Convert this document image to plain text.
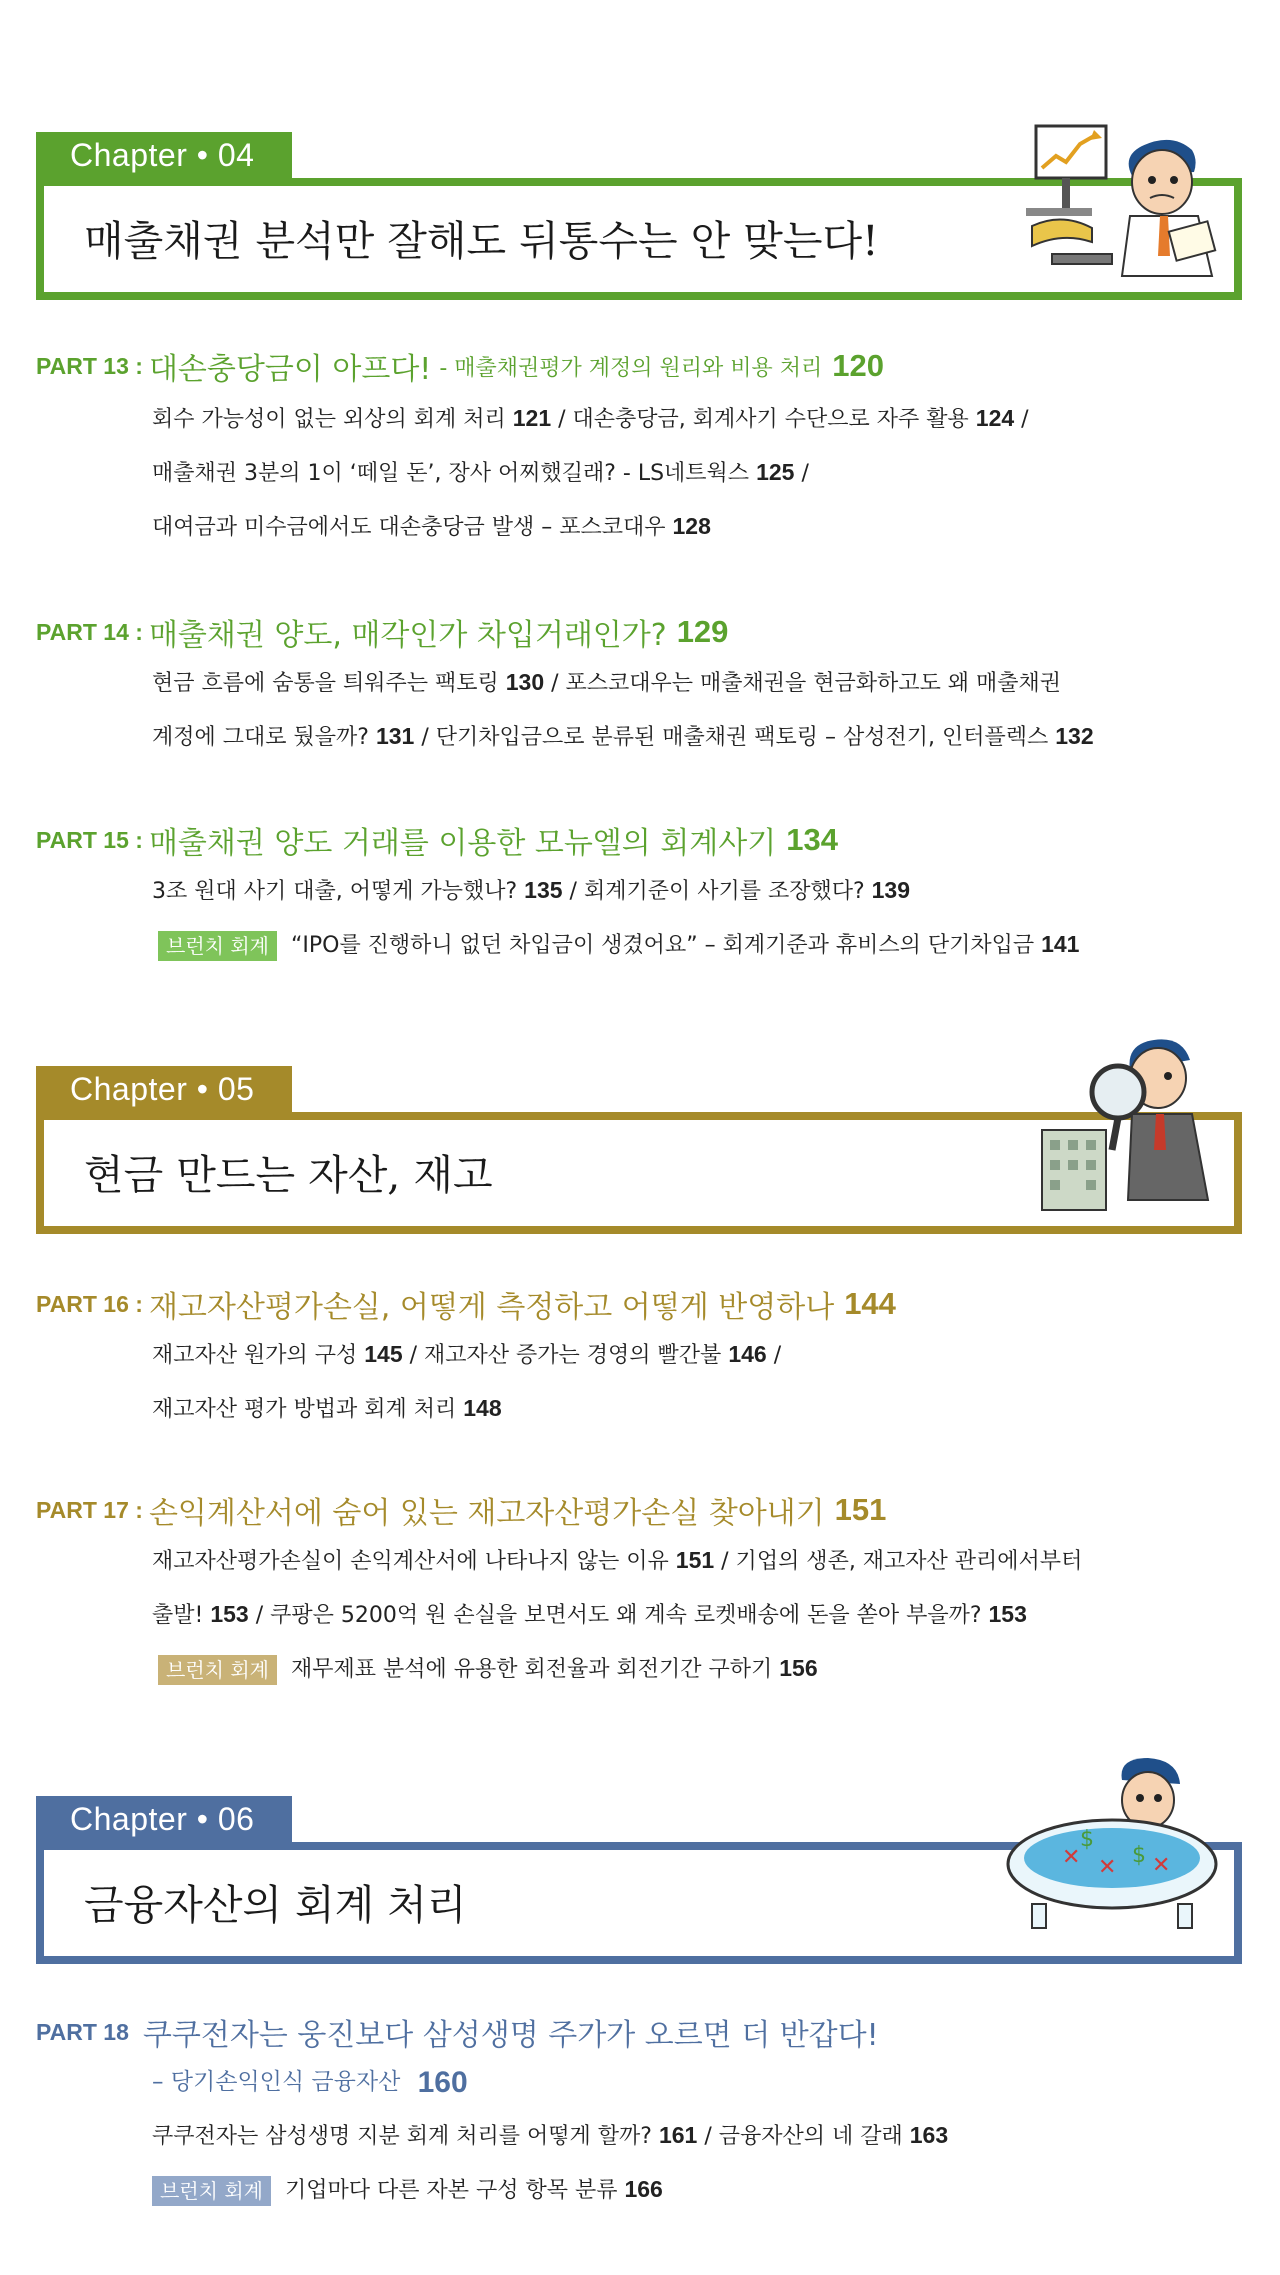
Chapter • 04
매출채권 분석만 잘해도 뒤통수는 안 맞는다!
PART 13 : 대손충당금이 아프다! - 매출채권평가 계정의 원리와 비용 처리 120
회수 가능성이 없는 외상의 회계 처리 121 / 대손충당금, 회계사기 수단으로 자주 활용 124 /
매출채권 3분의 1이 ‘떼일 돈’, 장사 어찌했길래? - LS네트웍스 125 /
대여금과 미수금에서도 대손충당금 발생 – 포스코대우 128
PART 14 : 매출채권 양도, 매각인가 차입거래인가? 129
현금 흐름에 숨통을 틔워주는 팩토링 130 / 포스코대우는 매출채권을 현금화하고도 왜 매출채권
계정에 그대로 뒀을까? 131 / 단기차입금으로 분류된 매출채권 팩토링 – 삼성전기, 인터플렉스 132
PART 15 : 매출채권 양도 거래를 이용한 모뉴엘의 회계사기 134
3조 원대 사기 대출, 어떻게 가능했나? 135 / 회계기준이 사기를 조장했다? 139
브런치 회계 “IPO를 진행하니 없던 차입금이 생겼어요” – 회계기준과 휴비스의 단기차입금 141
Chapter • 05
현금 만드는 자산, 재고
PART 16 : 재고자산평가손실, 어떻게 측정하고 어떻게 반영하나 144
재고자산 원가의 구성 145 / 재고자산 증가는 경영의 빨간불 146 /
재고자산 평가 방법과 회계 처리 148
PART 17 : 손익계산서에 숨어 있는 재고자산평가손실 찾아내기 151
재고자산평가손실이 손익계산서에 나타나지 않는 이유 151 / 기업의 생존, 재고자산 관리에서부터
출발! 153 / 쿠팡은 5200억 원 손실을 보면서도 왜 계속 로켓배송에 돈을 쏟아 부을까? 153
브런치 회계 재무제표 분석에 유용한 회전율과 회전기간 구하기 156
Chapter • 06
금융자산의 회계 처리
✕ ✕ $
$
✕
PART 18 쿠쿠전자는 웅진보다 삼성생명 주가가 오르면 더 반갑다!
– 당기손익인식 금융자산 160
쿠쿠전자는 삼성생명 지분 회계 처리를 어떻게 할까? 161 / 금융자산의 네 갈래 163
브런치 회계 기업마다 다른 자본 구성 항목 분류 166
